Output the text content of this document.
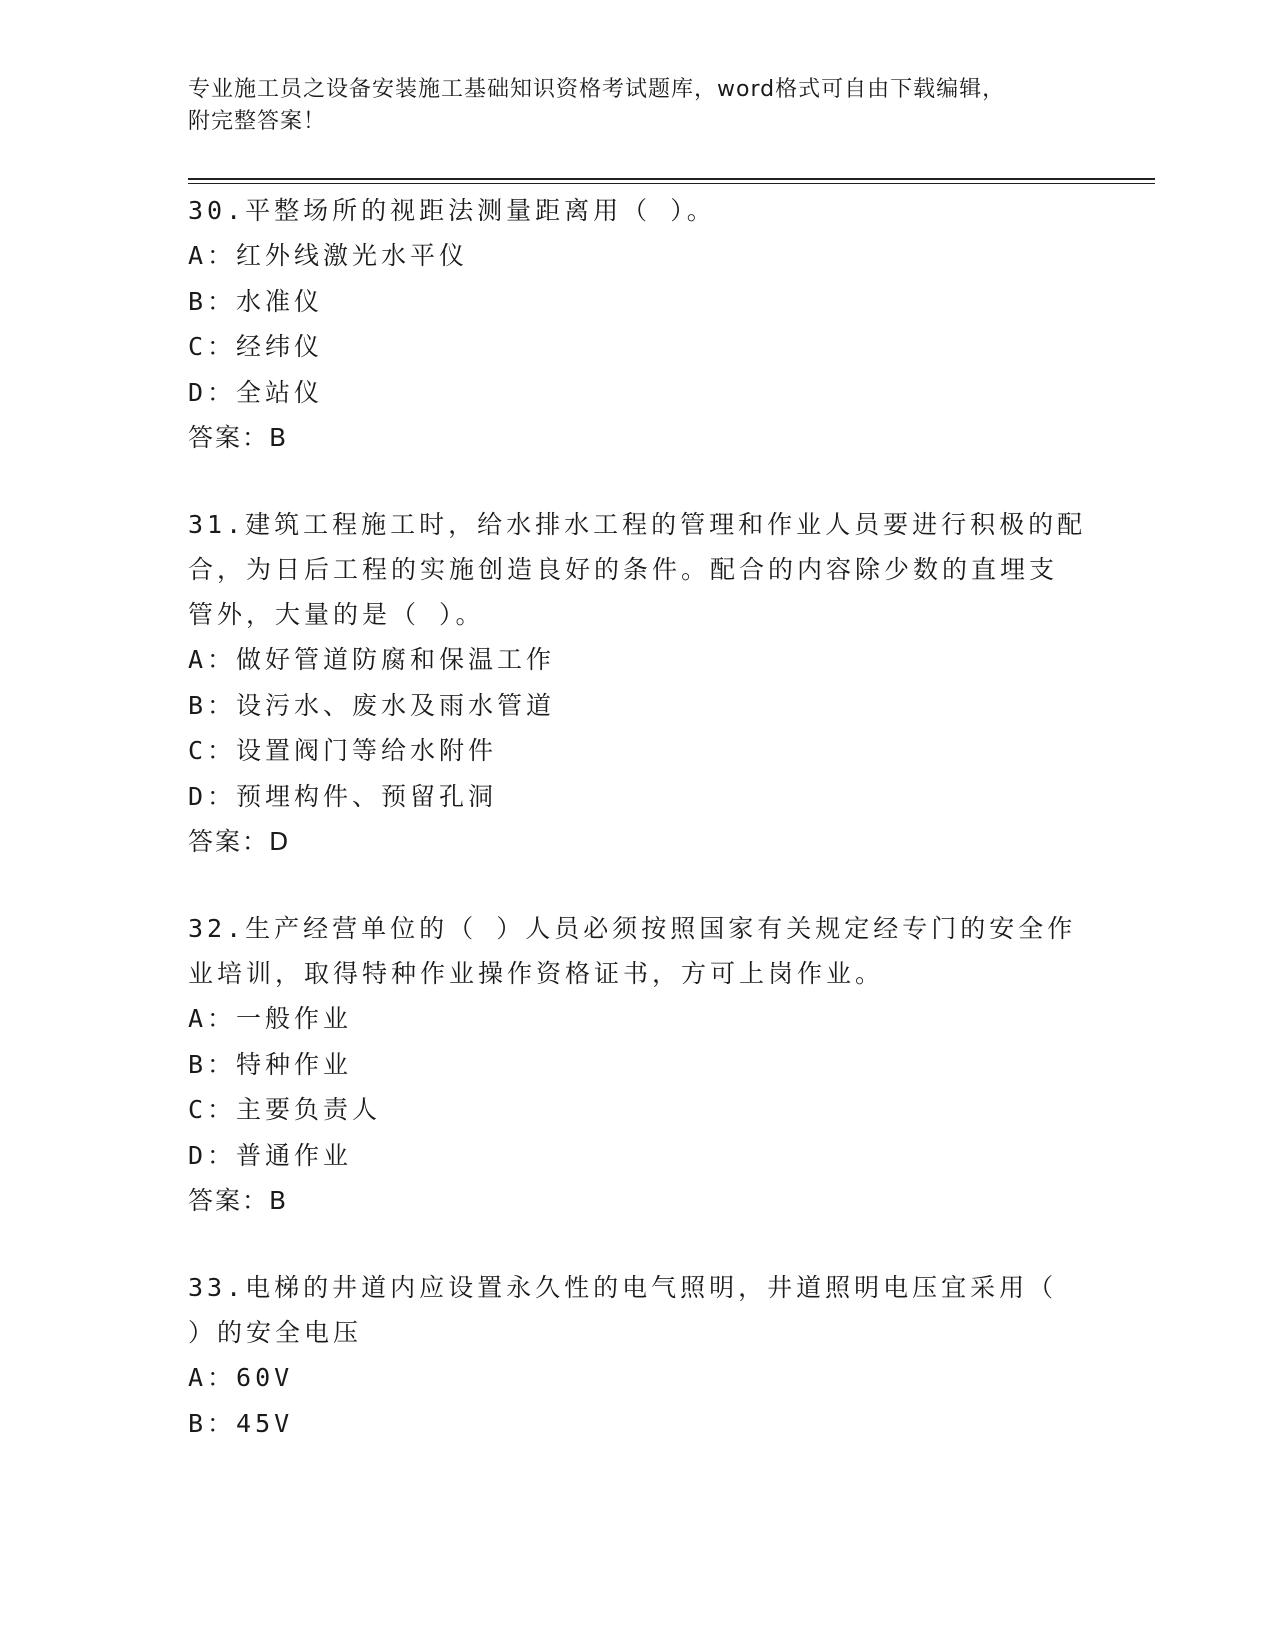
专业施工员之设备安装施工基础知识资格考试题库，word格式可自由下载编辑，
附完整答案！
30.平整场所的视距法测量距离用（ ）。
A：红外线激光水平仪
B：水准仪
C：经纬仪
D：全站仪
答案：B
31.建筑工程施工时，给水排水工程的管理和作业人员要进行积极的配
合，为日后工程的实施创造良好的条件。配合的内容除少数的直埋支
管外，大量的是（ ）。
A：做好管道防腐和保温工作
B：设污水、废水及雨水管道
C：设置阀门等给水附件
D：预埋构件、预留孔洞
答案：D
32.生产经营单位的（ ）人员必须按照国家有关规定经专门的安全作
业培训，取得特种作业操作资格证书，方可上岗作业。
A：一般作业
B：特种作业
C：主要负责人
D：普通作业
答案：B
33.电梯的井道内应设置永久性的电气照明，井道照明电压宜采用（
）的安全电压
A：60V
B：45V
